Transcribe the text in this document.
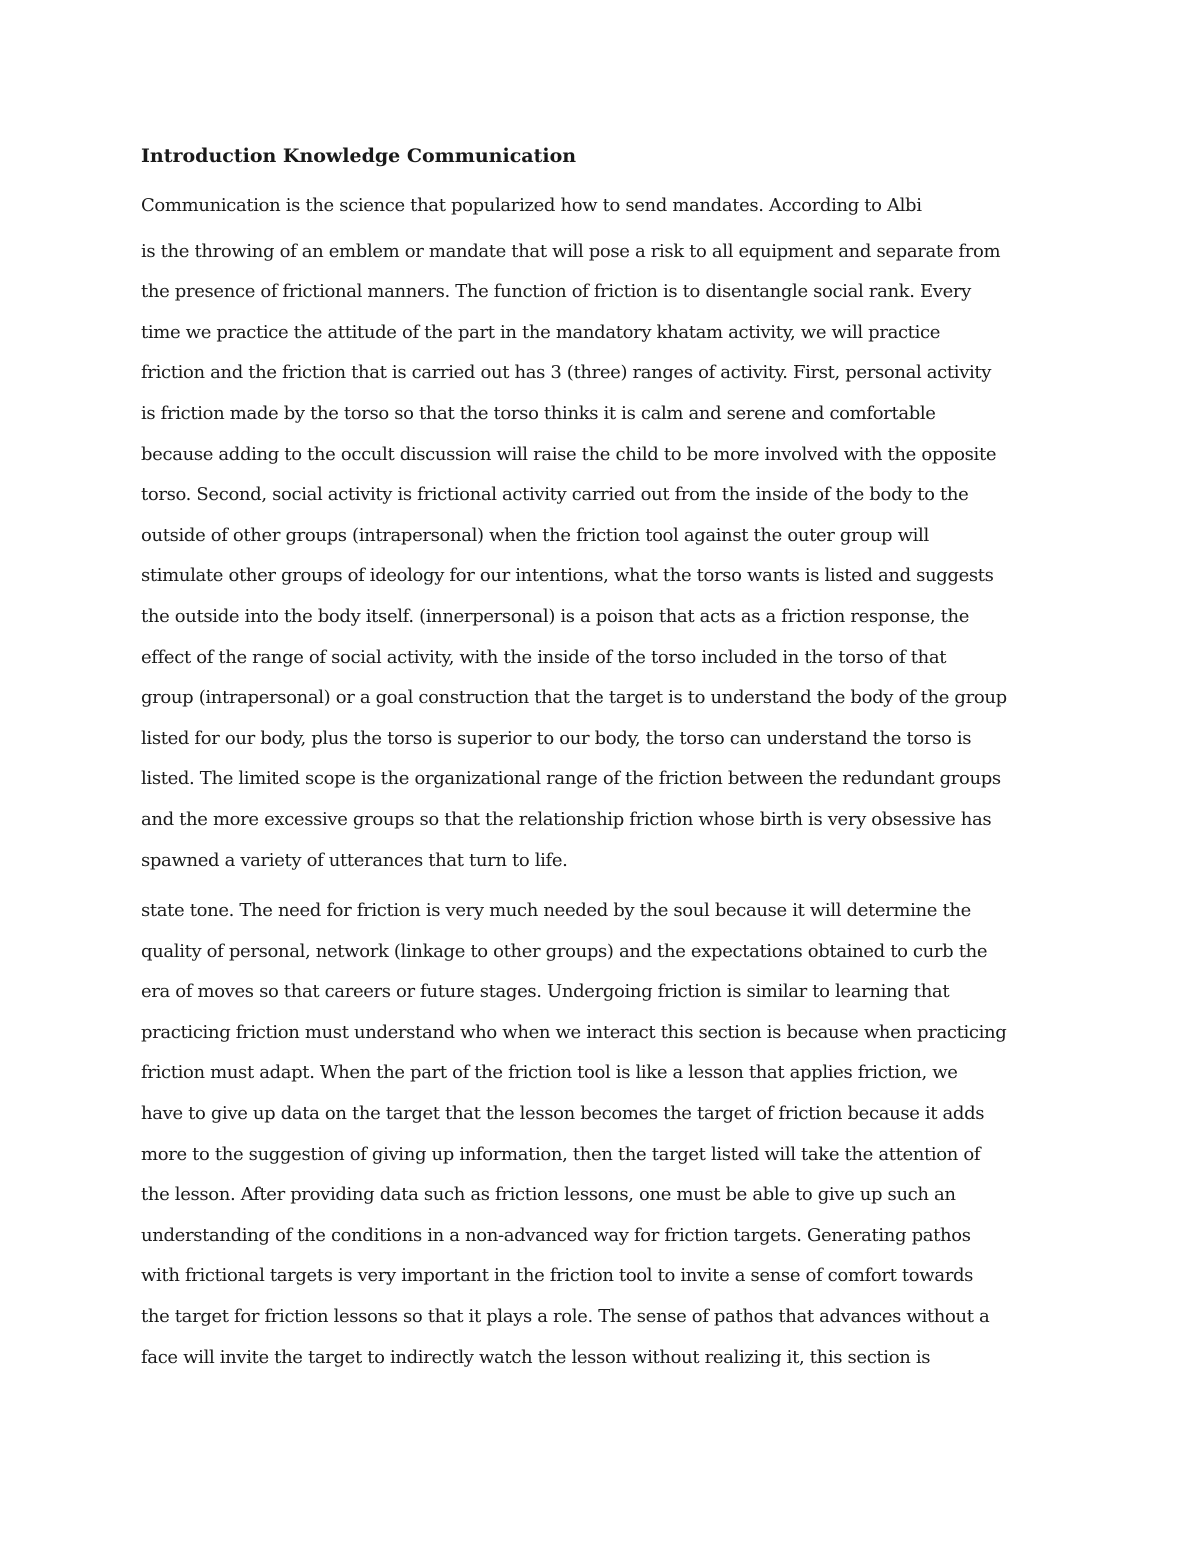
Introduction Knowledge Communication

Communication is the science that popularized how to send mandates. According to Albi

is the throwing of an emblem or mandate that will pose a risk to all equipment and separate from
the presence of frictional manners. The function of friction is to disentangle social rank. Every
time we practice the attitude of the part in the mandatory khatam activity, we will practice
friction and the friction that is carried out has 3 (three) ranges of activity. First, personal activity
is friction made by the torso so that the torso thinks it is calm and serene and comfortable
because adding to the occult discussion will raise the child to be more involved with the opposite
torso. Second, social activity is frictional activity carried out from the inside of the body to the
outside of other groups (intrapersonal) when the friction tool against the outer group will
stimulate other groups of ideology for our intentions, what the torso wants is listed and suggests
the outside into the body itself. (innerpersonal) is a poison that acts as a friction response, the
effect of the range of social activity, with the inside of the torso included in the torso of that
group (intrapersonal) or a goal construction that the target is to understand the body of the group
listed for our body, plus the torso is superior to our body, the torso can understand the torso is
listed. The limited scope is the organizational range of the friction between the redundant groups
and the more excessive groups so that the relationship friction whose birth is very obsessive has
spawned a variety of utterances that turn to life.

state tone. The need for friction is very much needed by the soul because it will determine the
quality of personal, network (linkage to other groups) and the expectations obtained to curb the
era of moves so that careers or future stages. Undergoing friction is similar to learning that
practicing friction must understand who when we interact this section is because when practicing
friction must adapt. When the part of the friction tool is like a lesson that applies friction, we
have to give up data on the target that the lesson becomes the target of friction because it adds
more to the suggestion of giving up information, then the target listed will take the attention of
the lesson. After providing data such as friction lessons, one must be able to give up such an
understanding of the conditions in a non-advanced way for friction targets. Generating pathos
with frictional targets is very important in the friction tool to invite a sense of comfort towards
the target for friction lessons so that it plays a role. The sense of pathos that advances without a
face will invite the target to indirectly watch the lesson without realizing it, this section is
